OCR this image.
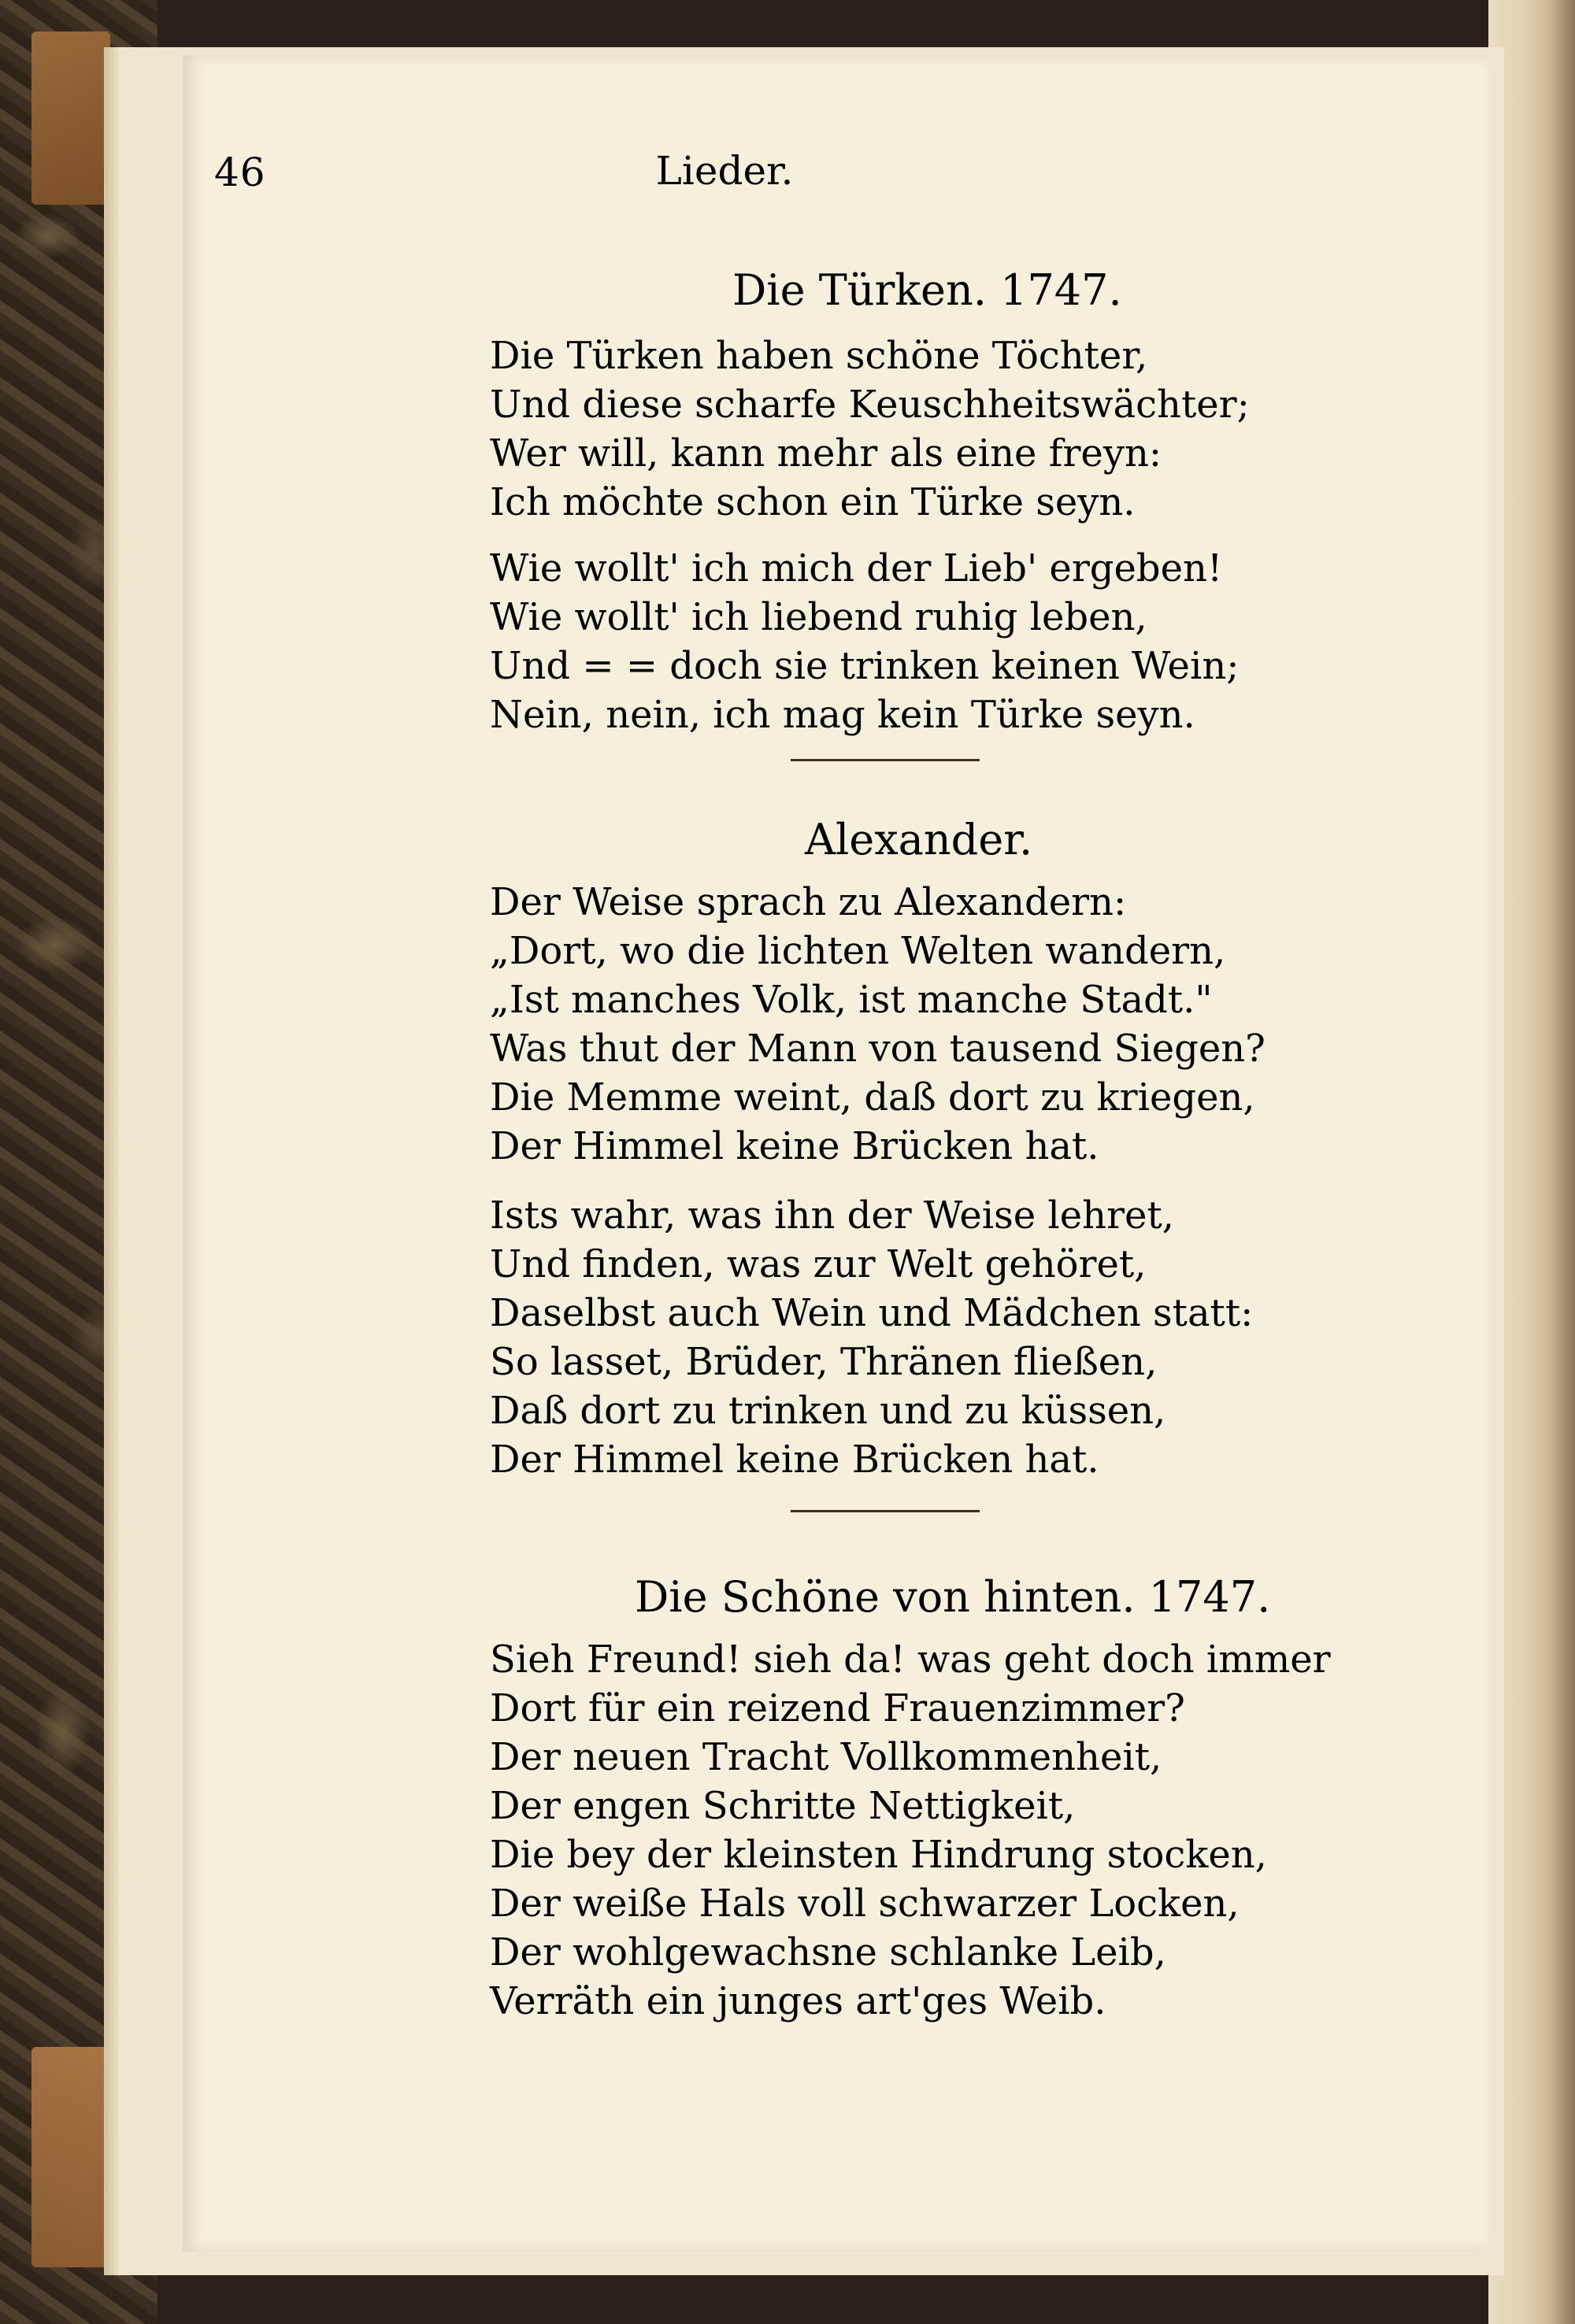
46	Lieder.
Die Türken. 1747.
Die Türken haben schöne Töchter,
Und diese scharfe Keuschheitswächter;
Wer will, kann mehr als eine freyn:
Ich möchte schon ein Türke seyn.
Wie wollt' ich mich der Lieb' ergeben!
Wie wollt' ich liebend ruhig leben,
Und = = doch sie trinken keinen Wein;
Nein, nein, ich mag kein Türke seyn.
Alexander.
Der Weise sprach zu Alexandern:
„Dort, wo die lichten Welten wandern,
„Ist manches Volk, ist manche Stadt."
Was thut der Mann von tausend Siegen?
Die Memme weint, daß dort zu kriegen,
Der Himmel keine Brücken hat.
Ists wahr, was ihn der Weise lehret,
Und finden, was zur Welt gehöret,
Daselbst auch Wein und Mädchen statt:
So lasset, Brüder, Thränen fließen,
Daß dort zu trinken und zu küssen,
Der Himmel keine Brücken hat.
Die Schöne von hinten. 1747.
Sieh Freund! sieh da! was geht doch immer
Dort für ein reizend Frauenzimmer?
Der neuen Tracht Vollkommenheit,
Der engen Schritte Nettigkeit,
Die bey der kleinsten Hindrung stocken,
Der weiße Hals voll schwarzer Locken,
Der wohlgewachsne schlanke Leib,
Verräth ein junges art'ges Weib.
